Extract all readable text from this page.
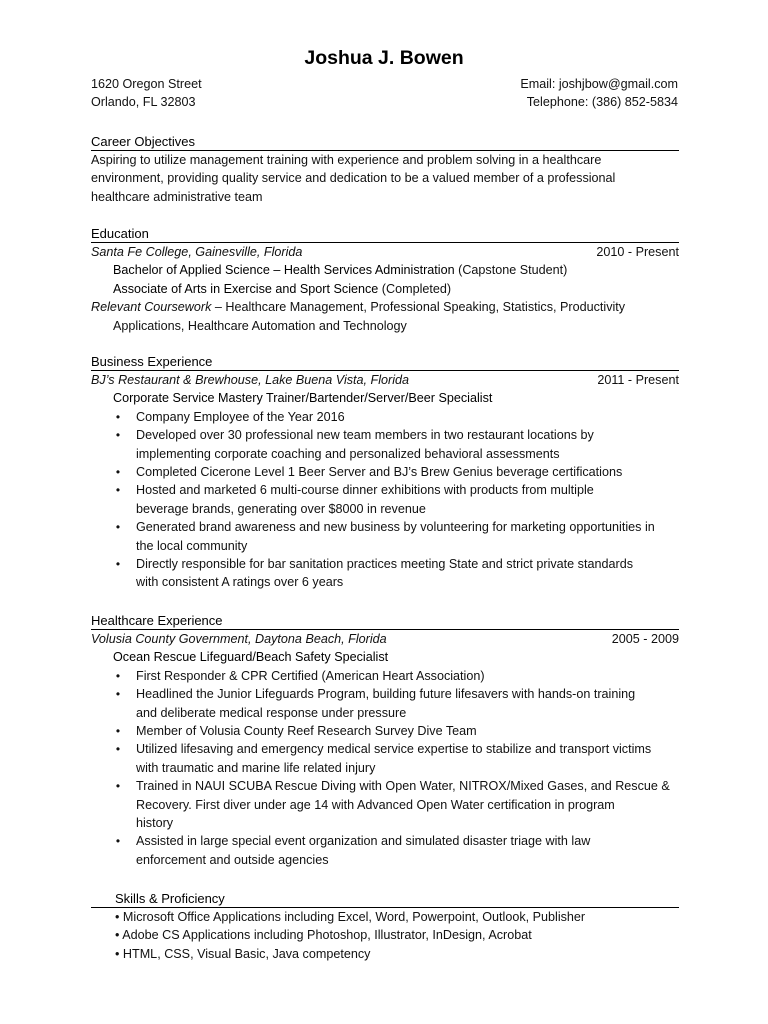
Joshua J. Bowen
1620 Oregon Street
Orlando, FL 32803
Email: joshjbow@gmail.com
Telephone: (386) 852-5834
Career Objectives
Aspiring to utilize management training with experience and problem solving in a healthcare
environment, providing quality service and dedication to be a valued member of a professional
healthcare administrative team
Education
Santa Fe College, Gainesville, Florida	2010 - Present
Bachelor of Applied Science – Health Services Administration (Capstone Student)
Associate of Arts in Exercise and Sport Science (Completed)
Relevant Coursework – Healthcare Management, Professional Speaking, Statistics, Productivity
Applications, Healthcare Automation and Technology
Business Experience
BJ’s Restaurant & Brewhouse, Lake Buena Vista, Florida	2011 - Present
Corporate Service Mastery Trainer/Bartender/Server/Beer Specialist
• Company Employee of the Year 2016
• Developed over 30 professional new team members in two restaurant locations by
implementing corporate coaching and personalized behavioral assessments
• Completed Cicerone Level 1 Beer Server and BJ’s Brew Genius beverage certifications
• Hosted and marketed 6 multi-course dinner exhibitions with products from multiple
beverage brands, generating over $8000 in revenue
• Generated brand awareness and new business by volunteering for marketing opportunities in
the local community
• Directly responsible for bar sanitation practices meeting State and strict private standards
with consistent A ratings over 6 years
Healthcare Experience
Volusia County Government, Daytona Beach, Florida	2005 - 2009
Ocean Rescue Lifeguard/Beach Safety Specialist
• First Responder & CPR Certified (American Heart Association)
• Headlined the Junior Lifeguards Program, building future lifesavers with hands-on training
and deliberate medical response under pressure
• Member of Volusia County Reef Research Survey Dive Team
• Utilized lifesaving and emergency medical service expertise to stabilize and transport victims
with traumatic and marine life related injury
• Trained in NAUI SCUBA Rescue Diving with Open Water, NITROX/Mixed Gases, and Rescue &
Recovery. First diver under age 14 with Advanced Open Water certification in program
history
• Assisted in large special event organization and simulated disaster triage with law
enforcement and outside agencies
Skills & Proficiency
• Microsoft Office Applications including Excel, Word, Powerpoint, Outlook, Publisher
• Adobe CS Applications including Photoshop, Illustrator, InDesign, Acrobat
• HTML, CSS, Visual Basic, Java competency
